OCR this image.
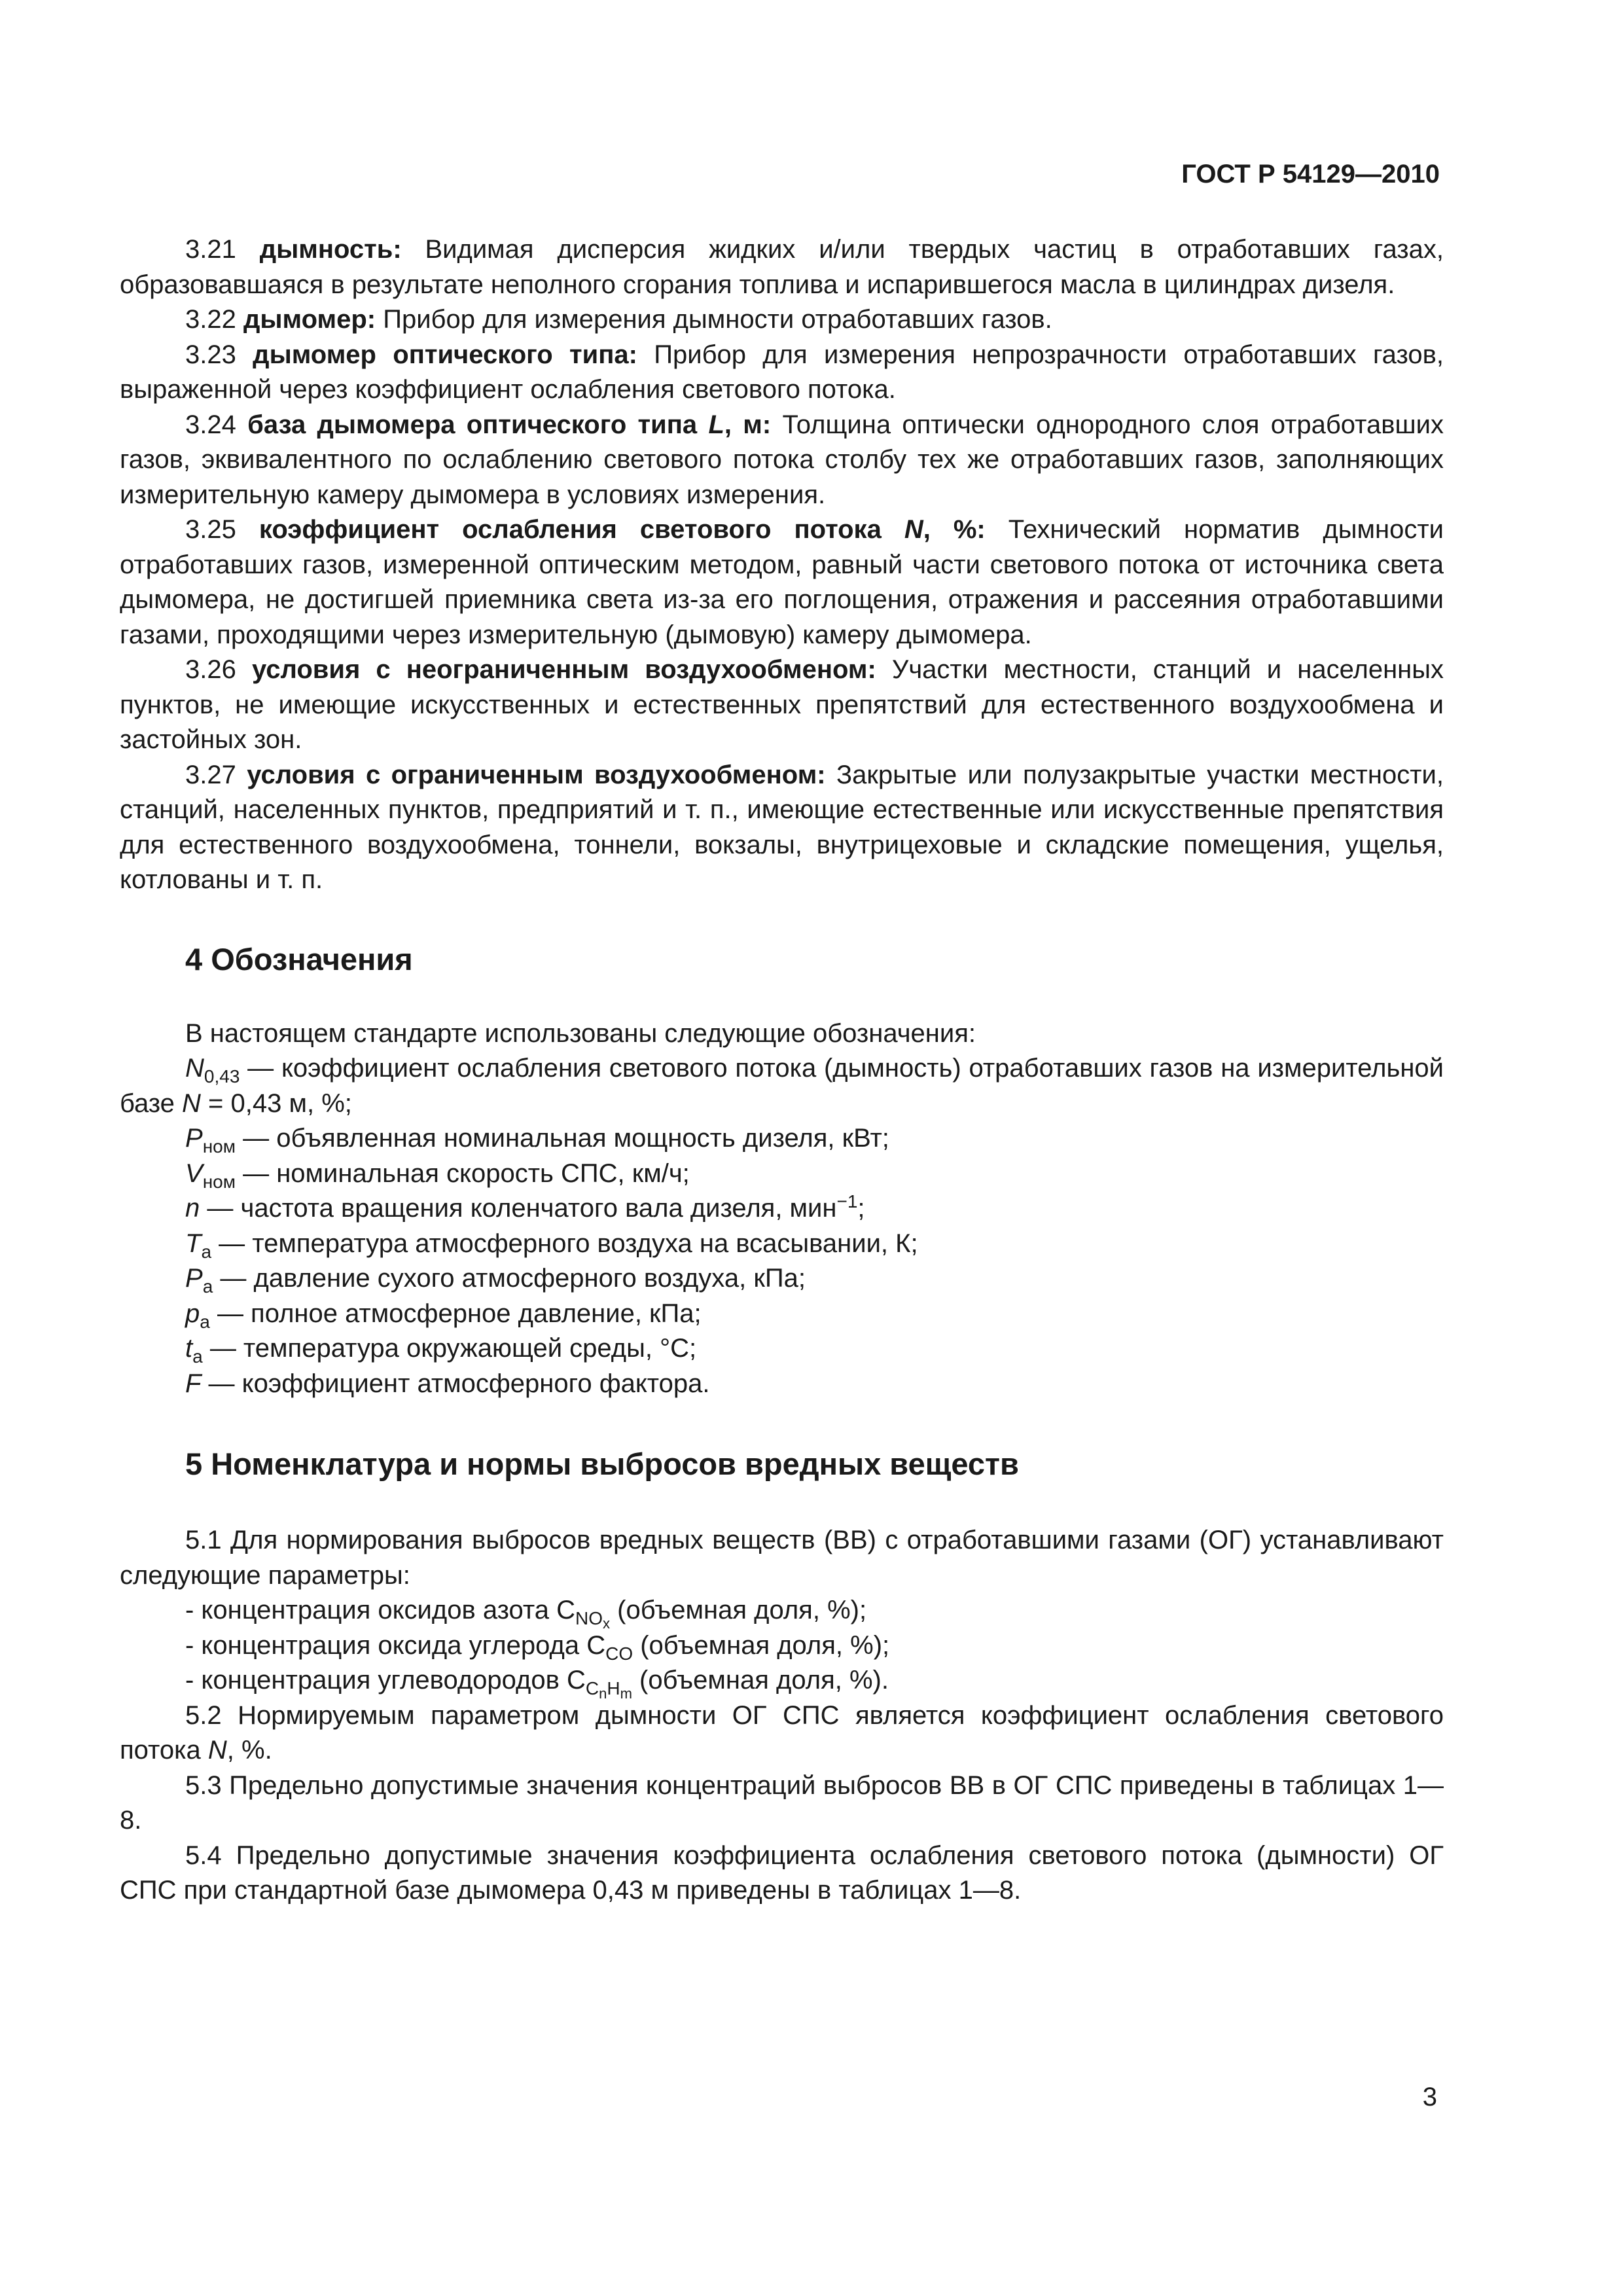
ГОСТ Р 54129—2010

3.21 дымность: Видимая дисперсия жидких и/или твердых частиц в отработавших газах, образовавшаяся в результате неполного сгорания топлива и испарившегося масла в цилиндрах дизеля.

3.22 дымомер: Прибор для измерения дымности отработавших газов.

3.23 дымомер оптического типа: Прибор для измерения непрозрачности отработавших газов, выраженной через коэффициент ослабления светового потока.

3.24 база дымомера оптического типа L, м: Толщина оптически однородного слоя отработавших газов, эквивалентного по ослаблению светового потока столбу тех же отработавших газов, заполняющих измерительную камеру дымомера в условиях измерения.

3.25 коэффициент ослабления светового потока N, %: Технический норматив дымности отработавших газов, измеренной оптическим методом, равный части светового потока от источника света дымомера, не достигшей приемника света из-за его поглощения, отражения и рассеяния отработавшими газами, проходящими через измерительную (дымовую) камеру дымомера.

3.26 условия с неограниченным воздухообменом: Участки местности, станций и населенных пунктов, не имеющие искусственных и естественных препятствий для естественного воздухообмена и застойных зон.

3.27 условия с ограниченным воздухообменом: Закрытые или полузакрытые участки местности, станций, населенных пунктов, предприятий и т. п., имеющие естественные или искусственные препятствия для естественного воздухообмена, тоннели, вокзалы, внутрицеховые и складские помещения, ущелья, котлованы и т. п.

4 Обозначения

В настоящем стандарте использованы следующие обозначения:

$N_{0,43}$ — коэффициент ослабления светового потока (дымность) отработавших газов на измерительной базе N = 0,43 м, %;

$P_{ном}$ — объявленная номинальная мощность дизеля, кВт;

$V_{ном}$ — номинальная скорость СПС, км/ч;

n — частота вращения коленчатого вала дизеля, мин$^{-1}$;

$T_a$ — температура атмосферного воздуха на всасывании, К;

$P_a$ — давление сухого атмосферного воздуха, кПа;

$p_a$ — полное атмосферное давление, кПа;

$t_a$ — температура окружающей среды, °С;

F — коэффициент атмосферного фактора.

5 Номенклатура и нормы выбросов вредных веществ

5.1 Для нормирования выбросов вредных веществ (ВВ) с отработавшими газами (ОГ) устанавливают следующие параметры:

- концентрация оксидов азота $С_{NO_x}$ (объемная доля, %);

- концентрация оксида углерода $С_{CO}$ (объемная доля, %);

- концентрация углеводородов $С_{C_nH_m}$ (объемная доля, %).

5.2 Нормируемым параметром дымности ОГ СПС является коэффициент ослабления светового потока N, %.

5.3 Предельно допустимые значения концентраций выбросов ВВ в ОГ СПС приведены в таблицах 1—8.

5.4 Предельно допустимые значения коэффициента ослабления светового потока (дымности) ОГ СПС при стандартной базе дымомера 0,43 м приведены в таблицах 1—8.

3
